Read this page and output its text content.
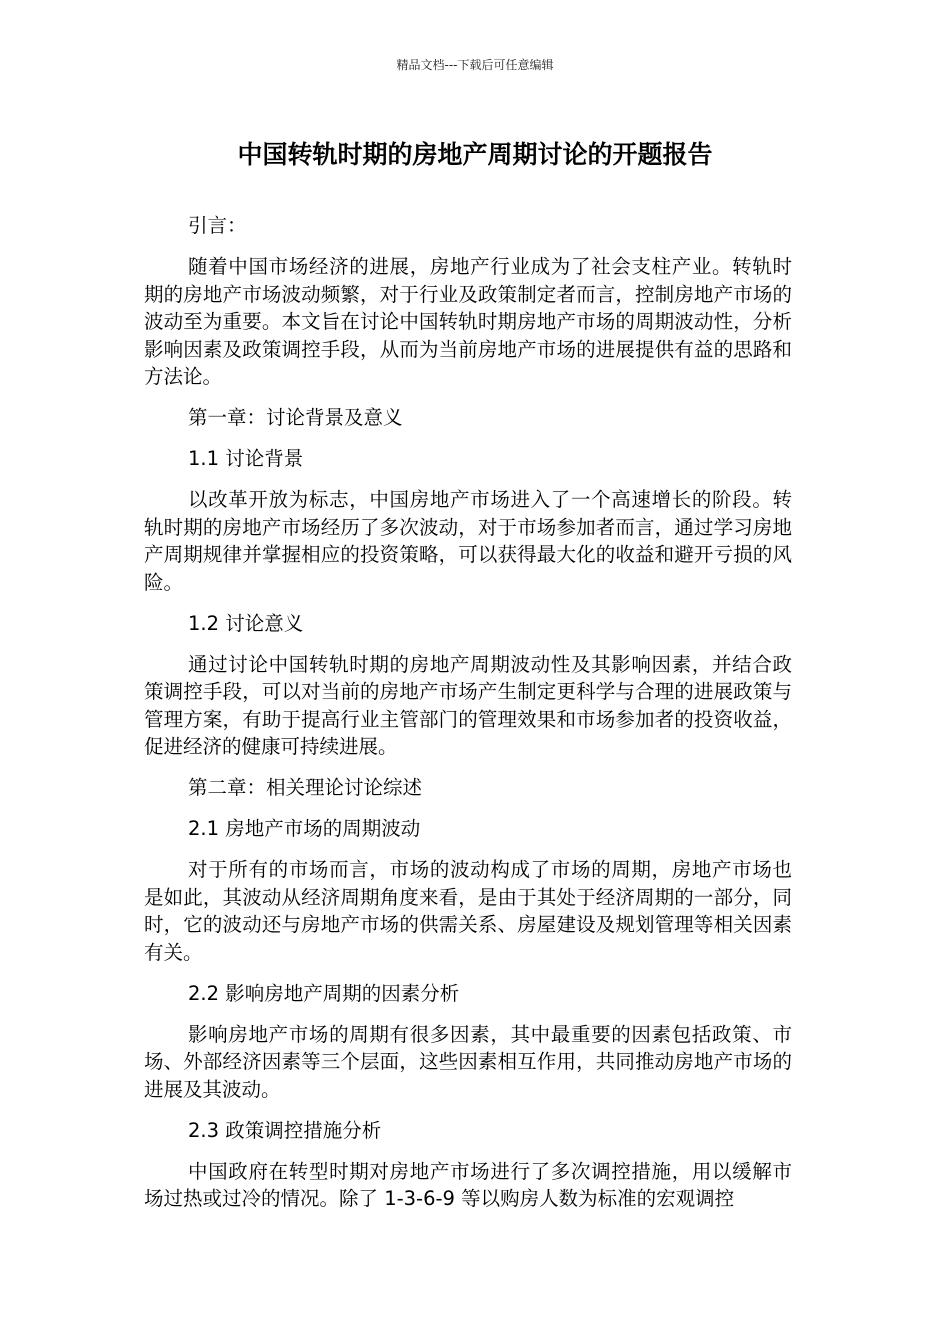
精品文档---下载后可任意编辑
中国转轨时期的房地产周期讨论的开题报告

引言：

随着中国市场经济的进展，房地产行业成为了社会支柱产业。转轨时期的房地产市场波动频繁，对于行业及政策制定者而言，控制房地产市场的波动至为重要。本文旨在讨论中国转轨时期房地产市场的周期波动性，分析影响因素及政策调控手段，从而为当前房地产市场的进展提供有益的思路和方法论。

第一章：讨论背景及意义

1.1 讨论背景

以改革开放为标志，中国房地产市场进入了一个高速增长的阶段。转轨时期的房地产市场经历了多次波动，对于市场参加者而言，通过学习房地产周期规律并掌握相应的投资策略，可以获得最大化的收益和避开亏损的风险。

1.2 讨论意义

通过讨论中国转轨时期的房地产周期波动性及其影响因素，并结合政策调控手段，可以对当前的房地产市场产生制定更科学与合理的进展政策与管理方案，有助于提高行业主管部门的管理效果和市场参加者的投资收益，促进经济的健康可持续进展。

第二章：相关理论讨论综述

2.1 房地产市场的周期波动

对于所有的市场而言，市场的波动构成了市场的周期，房地产市场也是如此，其波动从经济周期角度来看，是由于其处于经济周期的一部分，同时，它的波动还与房地产市场的供需关系、房屋建设及规划管理等相关因素有关。

2.2 影响房地产周期的因素分析

影响房地产市场的周期有很多因素，其中最重要的因素包括政策、市场、外部经济因素等三个层面，这些因素相互作用，共同推动房地产市场的进展及其波动。

2.3 政策调控措施分析

中国政府在转型时期对房地产市场进行了多次调控措施，用以缓解市场过热或过冷的情况。除了 1-3-6-9 等以购房人数为标准的宏观调控
